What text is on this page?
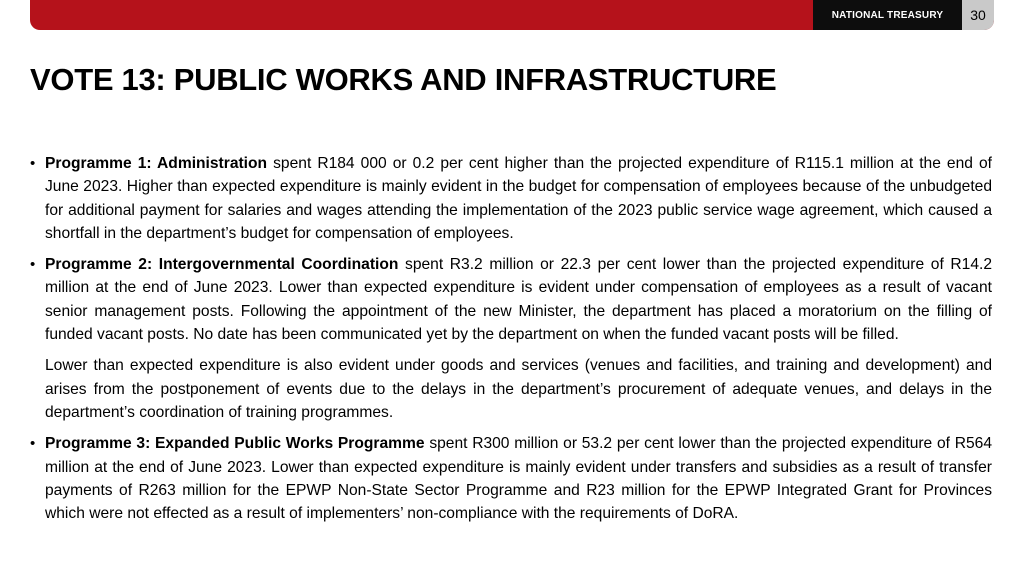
NATIONAL TREASURY	30
VOTE 13: PUBLIC WORKS AND INFRASTRUCTURE

• Programme 1: Administration spent R184 000 or 0.2 per cent higher than the projected expenditure of R115.1 million at the end of June 2023. Higher than expected expenditure is mainly evident in the budget for compensation of employees because of the unbudgeted for additional payment for salaries and wages attending the implementation of the 2023 public service wage agreement, which caused a shortfall in the department’s budget for compensation of employees.

• Programme 2: Intergovernmental Coordination spent R3.2 million or 22.3 per cent lower than the projected expenditure of R14.2 million at the end of June 2023. Lower than expected expenditure is evident under compensation of employees as a result of vacant senior management posts. Following the appointment of the new Minister, the department has placed a moratorium on the filling of funded vacant posts. No date has been communicated yet by the department on when the funded vacant posts will be filled.

Lower than expected expenditure is also evident under goods and services (venues and facilities, and training and development) and arises from the postponement of events due to the delays in the department’s procurement of adequate venues, and delays in the department’s coordination of training programmes.

• Programme 3: Expanded Public Works Programme spent R300 million or 53.2 per cent lower than the projected expenditure of R564 million at the end of June 2023. Lower than expected expenditure is mainly evident under transfers and subsidies as a result of transfer payments of R263 million for the EPWP Non-State Sector Programme and R23 million for the EPWP Integrated Grant for Provinces which were not effected as a result of implementers’ non-compliance with the requirements of DoRA.
